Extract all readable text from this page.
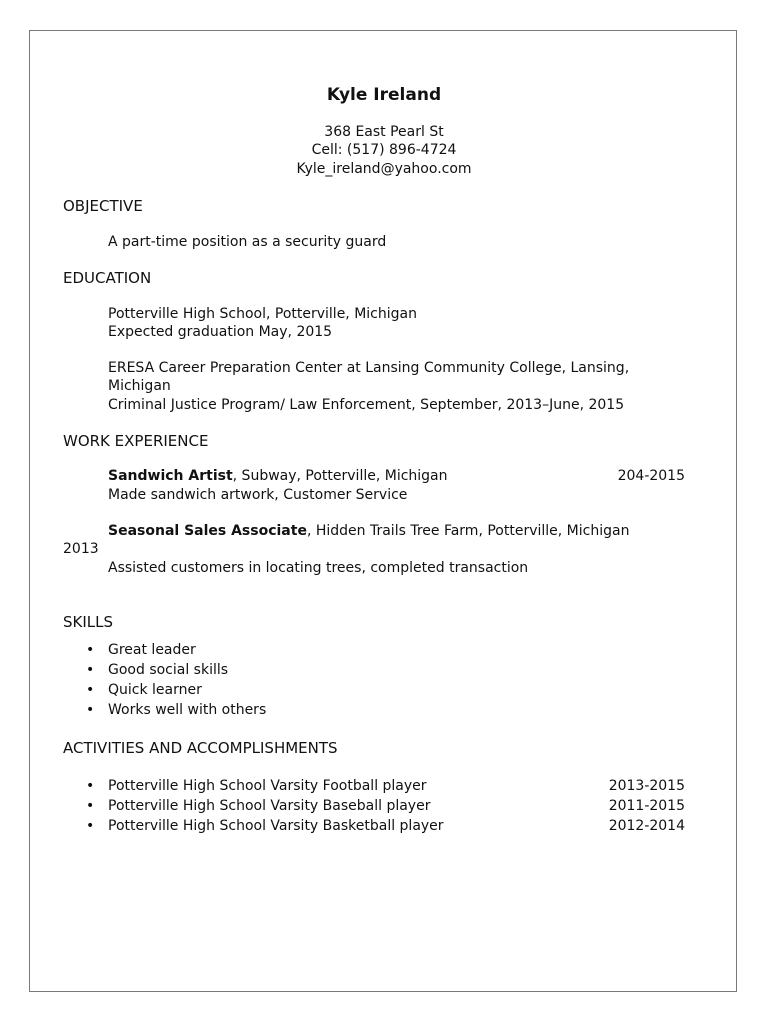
Kyle Ireland
368 East Pearl St
Cell: (517) 896-4724
Kyle_ireland@yahoo.com
OBJECTIVE
A part-time position as a security guard
EDUCATION
Potterville High School, Potterville, Michigan
Expected graduation May, 2015
ERESA Career Preparation Center at Lansing Community College, Lansing,
Michigan
Criminal Justice Program/ Law Enforcement, September, 2013–June, 2015
WORK EXPERIENCE
Sandwich Artist, Subway, Potterville, Michigan	204-2015
Made sandwich artwork, Customer Service
Seasonal Sales Associate, Hidden Trails Tree Farm, Potterville, Michigan
2013
Assisted customers in locating trees, completed transaction
SKILLS
• Great leader
• Good social skills
• Quick learner
• Works well with others
ACTIVITIES AND ACCOMPLISHMENTS
• Potterville High School Varsity Football player	2013-2015
• Potterville High School Varsity Baseball player	2011-2015
• Potterville High School Varsity Basketball player	2012-2014
